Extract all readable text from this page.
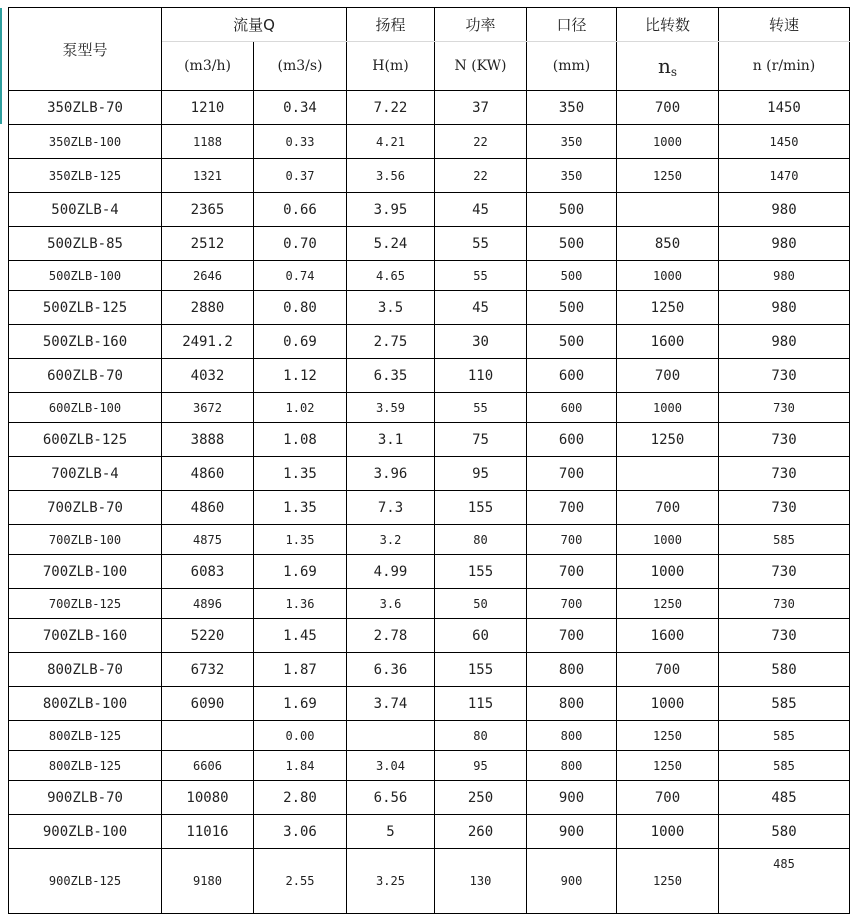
泵型号	流量Q		扬程	功率	口径	比转数	转速
	(m3/h)	(m3/s)	H(m)	N (KW)	(mm)	ns	n (r/min)
350ZLB-70	1210	0.34	7.22	37	350	700	1450
350ZLB-100	1188	0.33	4.21	22	350	1000	1450
350ZLB-125	1321	0.37	3.56	22	350	1250	1470
500ZLB-4	2365	0.66	3.95	45	500		980
500ZLB-85	2512	0.70	5.24	55	500	850	980
500ZLB-100	2646	0.74	4.65	55	500	1000	980
500ZLB-125	2880	0.80	3.5	45	500	1250	980
500ZLB-160	2491.2	0.69	2.75	30	500	1600	980
600ZLB-70	4032	1.12	6.35	110	600	700	730
600ZLB-100	3672	1.02	3.59	55	600	1000	730
600ZLB-125	3888	1.08	3.1	75	600	1250	730
700ZLB-4	4860	1.35	3.96	95	700		730
700ZLB-70	4860	1.35	7.3	155	700	700	730
700ZLB-100	4875	1.35	3.2	80	700	1000	585
700ZLB-100	6083	1.69	4.99	155	700	1000	730
700ZLB-125	4896	1.36	3.6	50	700	1250	730
700ZLB-160	5220	1.45	2.78	60	700	1600	730
800ZLB-70	6732	1.87	6.36	155	800	700	580
800ZLB-100	6090	1.69	3.74	115	800	1000	585
800ZLB-125		0.00		80	800	1250	585
800ZLB-125	6606	1.84	3.04	95	800	1250	585
900ZLB-70	10080	2.80	6.56	250	900	700	485
900ZLB-100	11016	3.06	5	260	900	1000	580
900ZLB-125	9180	2.55	3.25	130	900	1250	485
